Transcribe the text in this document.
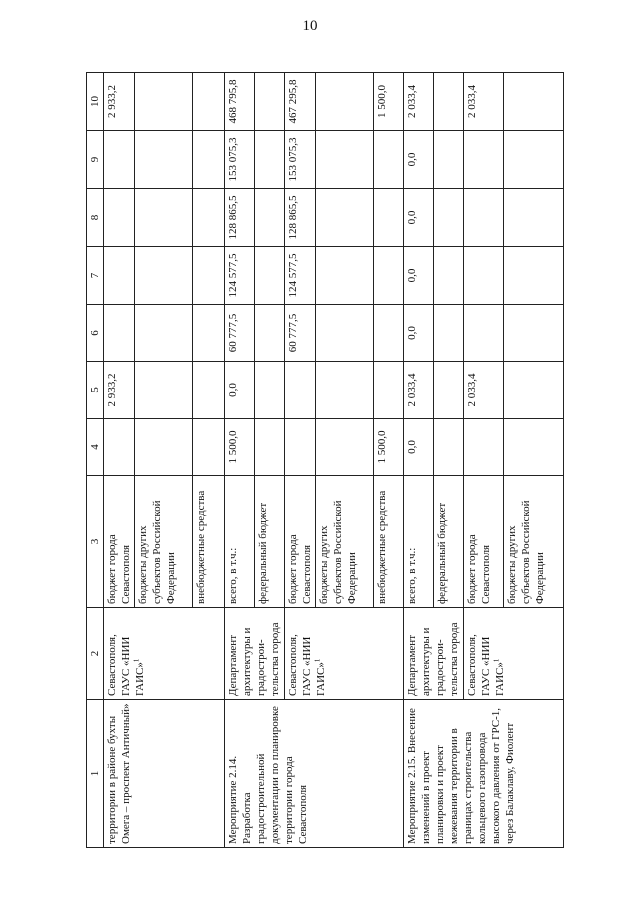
10
1	2	3	4	5	6	7	8	9	10
территории в районе бухты Омега – проспект Античный»	Севастополя, ГАУС «НИИ ГАИС»$^1$	бюджет города Севастополя		2 933,2					2 933,2
		бюджеты других субъектов Российской Федерации							
		внебюджетные средства							
Мероприятие 2.14. Разработка градостроительной документации по планировке территории города Севастополя	Департамент архитектуры и градострои-тельства города	всего, в т.ч.:	1 500,0	0,0	60 777,5	124 577,5	128 865,5	153 075,3	468 795,8
		федеральный бюджет							
	Севастополя, ГАУС «НИИ ГАИС»$^1$	бюджет города Севастополя			60 777,5	124 577,5	128 865,5	153 075,3	467 295,8
		бюджеты других субъектов Российской Федерации							
		внебюджетные средства	1 500,0						1 500,0
Мероприятие 2.15. Внесение изменений в проект планировки и проект межевания территории в границах строительства кольцевого газопровода высокого давления от ГРС-1, через Балаклаву, Фиолент	Департамент архитектуры и градострои-тельства города	всего, в т.ч.:	0,0	2 033,4	0,0	0,0	0,0	0,0	2 033,4
		федеральный бюджет							
	Севастополя, ГАУС «НИИ ГАИС»$^1$	бюджет города Севастополя		2 033,4					2 033,4
		бюджеты других субъектов Российской Федерации							
